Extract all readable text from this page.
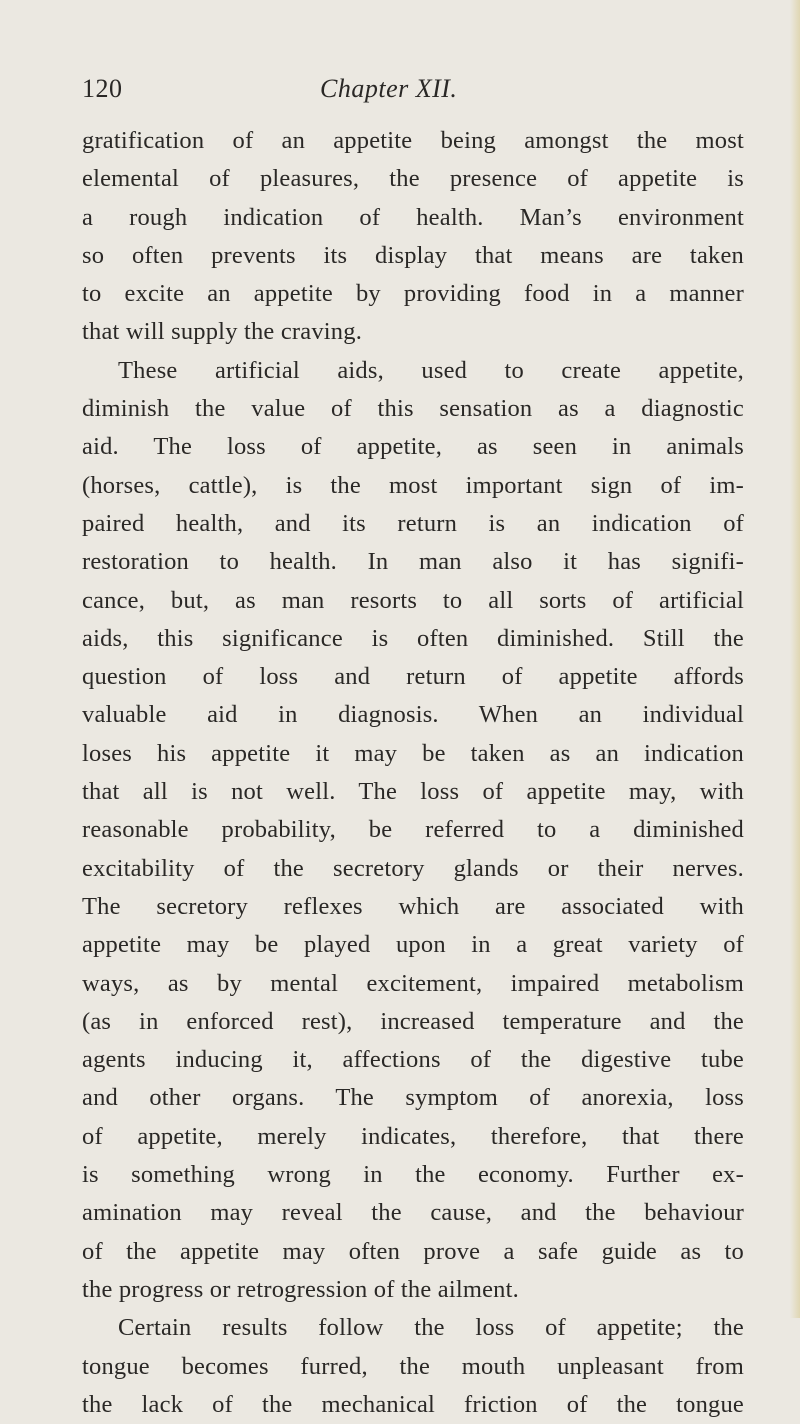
120	Chapter XII.
gratification of an appetite being amongst the most
elemental of pleasures, the presence of appetite is
a rough indication of health. Man’s environment
so often prevents its display that means are taken
to excite an appetite by providing food in a manner
that will supply the craving.
These artificial aids, used to create appetite,
diminish the value of this sensation as a diagnostic
aid. The loss of appetite, as seen in animals
(horses, cattle), is the most important sign of im-
paired health, and its return is an indication of
restoration to health. In man also it has signifi-
cance, but, as man resorts to all sorts of artificial
aids, this significance is often diminished. Still the
question of loss and return of appetite affords
valuable aid in diagnosis. When an individual
loses his appetite it may be taken as an indication
that all is not well. The loss of appetite may, with
reasonable probability, be referred to a diminished
excitability of the secretory glands or their nerves.
The secretory reflexes which are associated with
appetite may be played upon in a great variety of
ways, as by mental excitement, impaired metabolism
(as in enforced rest), increased temperature and the
agents inducing it, affections of the digestive tube
and other organs. The symptom of anorexia, loss
of appetite, merely indicates, therefore, that there
is something wrong in the economy. Further ex-
amination may reveal the cause, and the behaviour
of the appetite may often prove a safe guide as to
the progress or retrogression of the ailment.
Certain results follow the loss of appetite; the
tongue becomes furred, the mouth unpleasant from
the lack of the mechanical friction of the tongue
